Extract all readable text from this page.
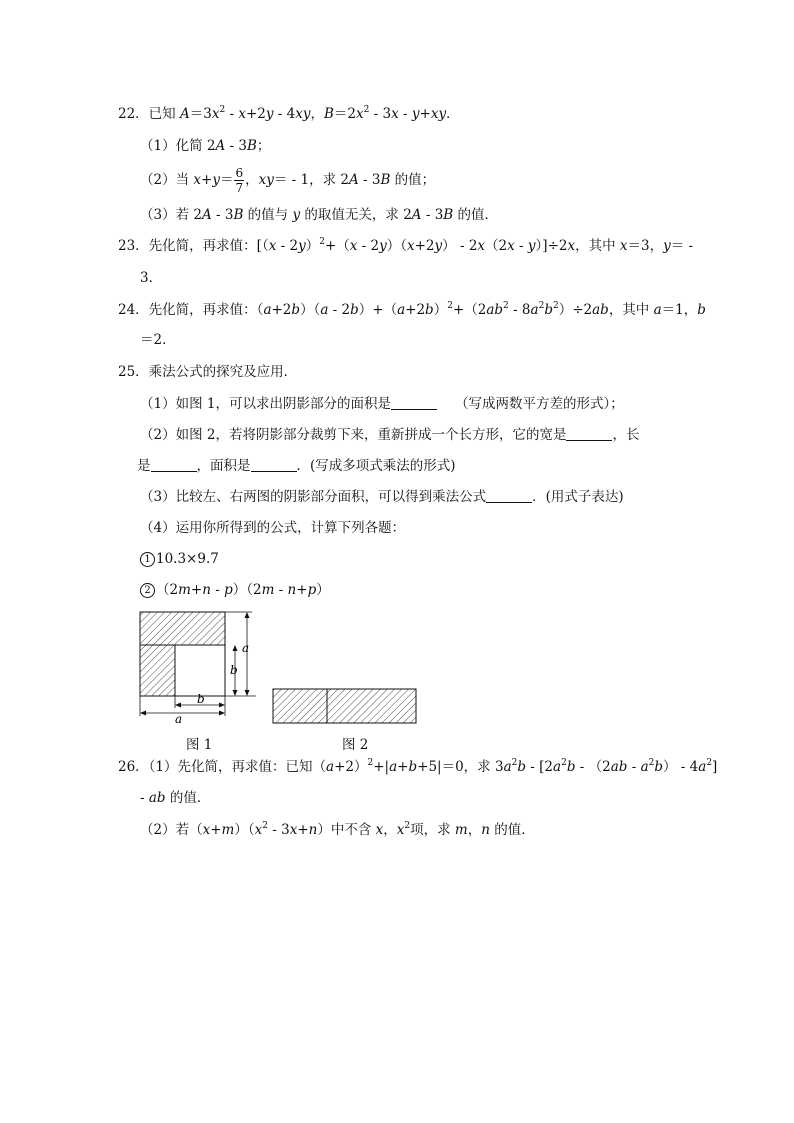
22．已知 $A=3x^2 - x+2y - 4xy$，$B=2x^2 - 3x - y+xy$．
（1）化简 2A - 3B；
（2）当 $x+y= \frac{6}{7}$ ，xy＝ - 1，求 2A - 3B 的值；
（3）若 2A - 3B 的值与 y 的取值无关，求 2A - 3B 的值．
23．先化简，再求值：[（x - 2y）$^2$+（x - 2y）（x+2y） - 2x（2x - y）]÷2x，其中 x＝3，y＝ -
3．
24．先化简，再求值：$(a+2b)(a - 2b)+(a+2b)^2+(2ab^2 - 8a^2b^2)\div 2ab$，其中 a＝1，b
＝2．
25．乘法公式的探究及应用．
（1）如图 1，可以求出阴影部分的面积是	（写成两数平方差的形式）；
（2）如图 2，若将阴影部分裁剪下来，重新拼成一个长方形，它的宽是	，长
是	，面积是	．(写成多项式乘法的形式)
（3）比较左、右两图的阴影部分面积，可以得到乘法公式	．(用式子表达)
（4）运用你所得到的公式，计算下列各题：
1 10.3×9.7
2 （2m+n - p）（2m - n+p）
a
b
b
a
图 1	图 2
26．（1）先化简，再求值：已知$(a+2)^2+|a+b+5|=0$，求 $3a^2b - [2a^2b - (2ab - a^2b) - 4a^2]$
- ab 的值．
（2）若$(x+m)(x^2 - 3x+n)$中不含 x，$x^2$项，求 m，n 的值．
